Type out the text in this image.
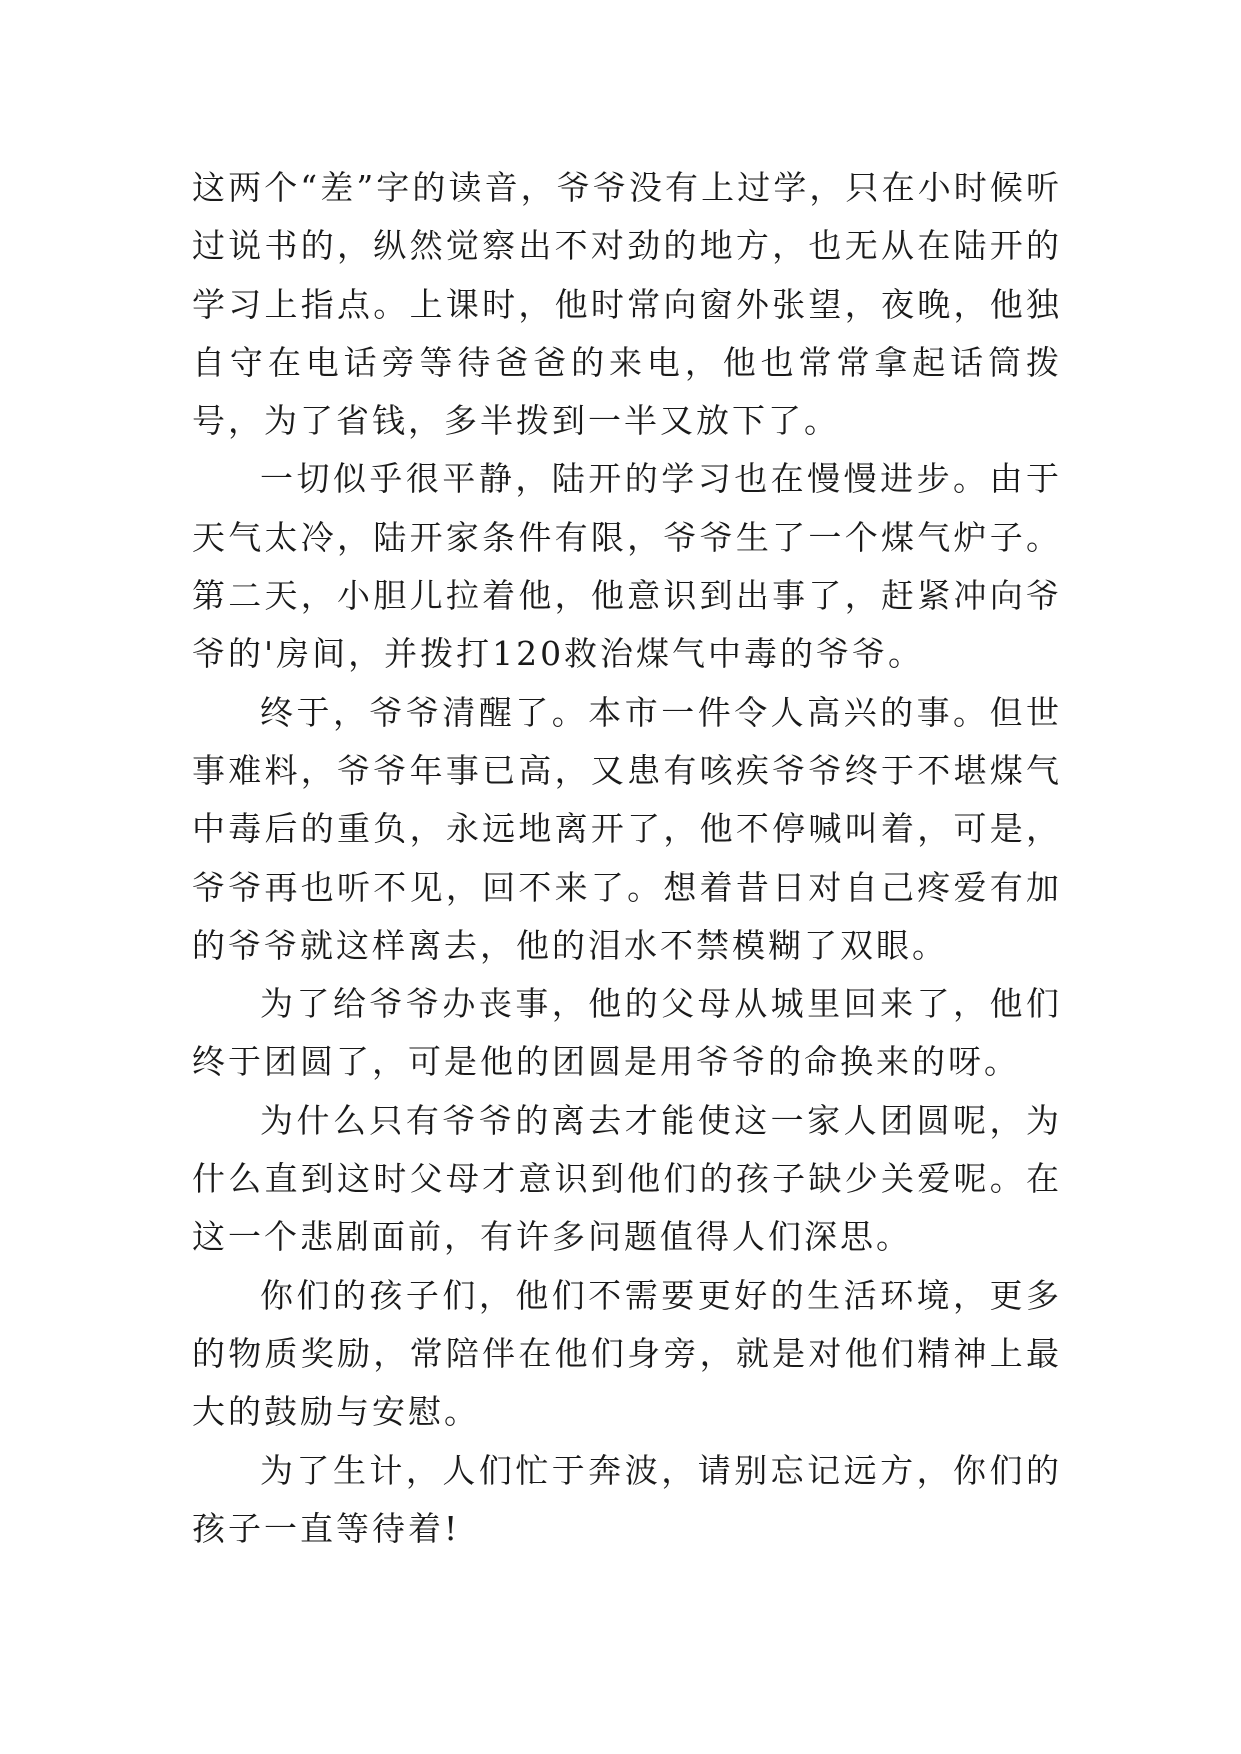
这两个“差”字的读音，爷爷没有上过学，只在小时候听过说书的，纵然觉察出不对劲的地方，也无从在陆开的学习上指点。上课时，他时常向窗外张望，夜晚，他独自守在电话旁等待爸爸的来电，他也常常拿起话筒拨号，为了省钱，多半拨到一半又放下了。

一切似乎很平静，陆开的学习也在慢慢进步。由于天气太冷，陆开家条件有限，爷爷生了一个煤气炉子。第二天，小胆儿拉着他，他意识到出事了，赶紧冲向爷爷的'房间，并拨打120救治煤气中毒的爷爷。

终于，爷爷清醒了。本市一件令人高兴的事。但世事难料，爷爷年事已高，又患有咳疾爷爷终于不堪煤气中毒后的重负，永远地离开了，他不停喊叫着，可是，爷爷再也听不见，回不来了。想着昔日对自己疼爱有加的爷爷就这样离去，他的泪水不禁模糊了双眼。

为了给爷爷办丧事，他的父母从城里回来了，他们终于团圆了，可是他的团圆是用爷爷的命换来的呀。

为什么只有爷爷的离去才能使这一家人团圆呢，为什么直到这时父母才意识到他们的孩子缺少关爱呢。在这一个悲剧面前，有许多问题值得人们深思。

你们的孩子们，他们不需要更好的生活环境，更多的物质奖励，常陪伴在他们身旁，就是对他们精神上最大的鼓励与安慰。

为了生计，人们忙于奔波，请别忘记远方，你们的孩子一直等待着!
